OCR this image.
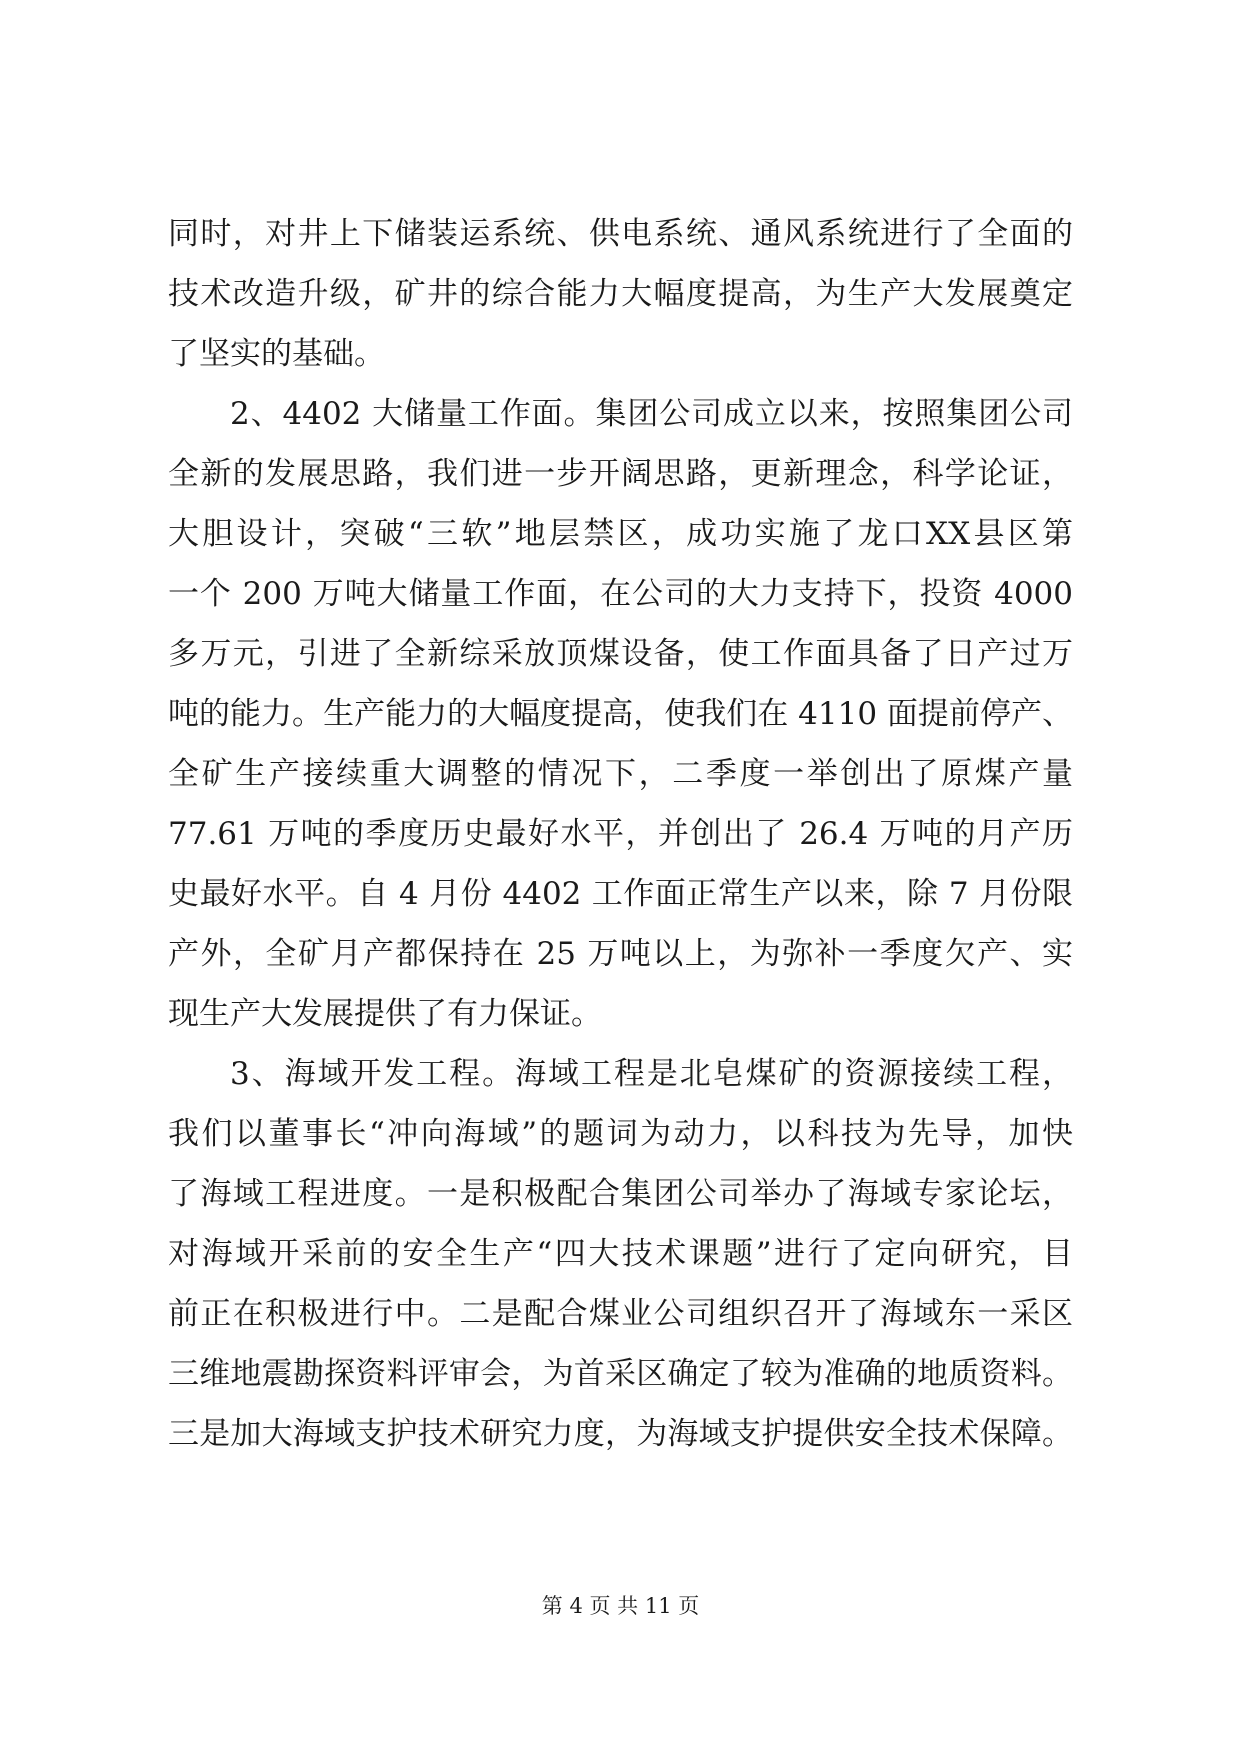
同时，对井上下储装运系统、供电系统、通风系统进行了全面的
技术改造升级，矿井的综合能力大幅度提高，为生产大发展奠定
了坚实的基础。
2、4402 大储量工作面。集团公司成立以来，按照集团公司
全新的发展思路，我们进一步开阔思路，更新理念，科学论证，
大胆设计，突破“三软”地层禁区，成功实施了龙口XX县区第
一个 200 万吨大储量工作面，在公司的大力支持下，投资 4000
多万元，引进了全新综采放顶煤设备，使工作面具备了日产过万
吨的能力。生产能力的大幅度提高，使我们在 4110 面提前停产、
全矿生产接续重大调整的情况下，二季度一举创出了原煤产量
77.61 万吨的季度历史最好水平，并创出了 26.4 万吨的月产历
史最好水平。自 4 月份 4402 工作面正常生产以来，除 7 月份限
产外，全矿月产都保持在 25 万吨以上，为弥补一季度欠产、实
现生产大发展提供了有力保证。
3、海域开发工程。海域工程是北皂煤矿的资源接续工程，
我们以董事长“冲向海域”的题词为动力，以科技为先导，加快
了海域工程进度。一是积极配合集团公司举办了海域专家论坛，
对海域开采前的安全生产“四大技术课题”进行了定向研究，目
前正在积极进行中。二是配合煤业公司组织召开了海域东一采区
三维地震勘探资料评审会，为首采区确定了较为准确的地质资料。
三是加大海域支护技术研究力度，为海域支护提供安全技术保障。
第 4 页 共 11 页
